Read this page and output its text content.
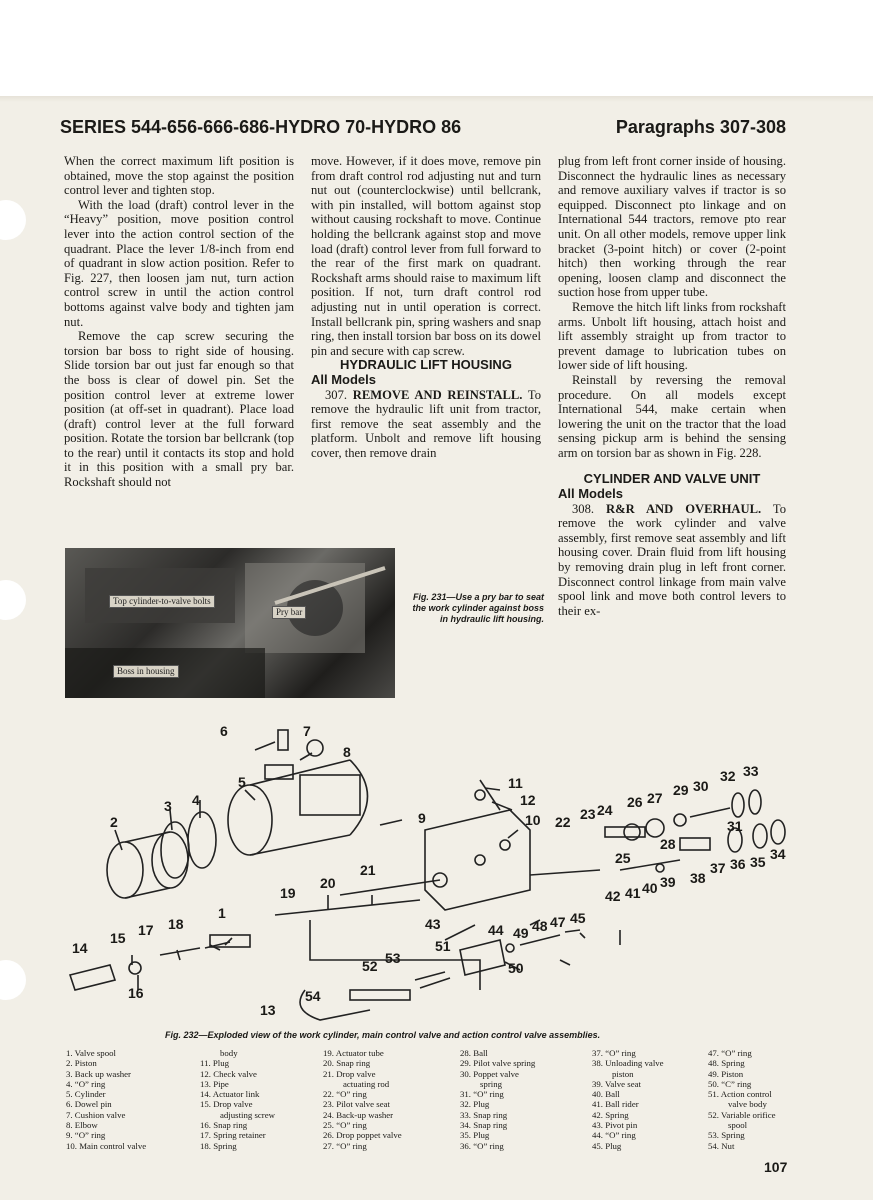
SERIES 544-656-666-686-HYDRO 70-HYDRO 86	Paragraphs 307-308

When the correct maximum lift position is obtained, move the stop against the position control lever and tighten stop.

With the load (draft) control lever in the “Heavy” position, move position control lever into the action control section of the quadrant. Place the lever 1/8-inch from end of quadrant in slow action position. Refer to Fig. 227, then loosen jam nut, turn action control screw in until the action control bottoms against valve body and tighten jam nut.

Remove the cap screw securing the torsion bar boss to right side of housing. Slide torsion bar out just far enough so that the boss is clear of dowel pin. Set the position control lever at extreme lower position (at off-set in quadrant). Place load (draft) control lever at the full forward position. Rotate the torsion bar bellcrank (top to the rear) until it contacts its stop and hold it in this position with a small pry bar. Rockshaft should not

move. However, if it does move, remove pin from draft control rod adjusting nut and turn nut out (counterclockwise) until bellcrank, with pin installed, will bottom against stop without causing rockshaft to move. Continue holding the bellcrank against stop and move load (draft) control lever from full forward to the rear of the first mark on quadrant. Rockshaft arms should raise to maximum lift position. If not, turn draft control rod adjusting nut in until operation is correct. Install bellcrank pin, spring washers and snap ring, then install torsion bar boss on its dowel pin and secure with cap screw.

HYDRAULIC LIFT HOUSING

All Models

307. REMOVE AND REINSTALL. To remove the hydraulic lift unit from tractor, first remove the seat assembly and the platform. Unbolt and remove lift housing cover, then remove drain

plug from left front corner inside of housing. Disconnect the hydraulic lines as necessary and remove auxiliary valves if tractor is so equipped. Disconnect pto linkage and on International 544 tractors, remove pto rear unit. On all other models, remove upper link bracket (3-point hitch) or cover (2-point hitch) then working through the rear opening, loosen clamp and disconnect the suction hose from upper tube.

Remove the hitch lift links from rockshaft arms. Unbolt lift housing, attach hoist and lift assembly straight up from tractor to prevent damage to lubrication tubes on lower side of lift housing.

Reinstall by reversing the removal procedure. On all models except International 544, make certain when lowering the unit on the tractor that the load sensing pickup arm is behind the sensing arm on torsion bar as shown in Fig. 228.

CYLINDER AND VALVE UNIT

All Models

308. R&R AND OVERHAUL. To remove the work cylinder and valve assembly, first remove seat assembly and lift housing cover. Drain fluid from lift housing by removing drain plug in left front corner. Disconnect control linkage from main valve spool link and move both control levers to their ex-

Top cylinder-to-valve bolts
Pry bar
Boss in housing
Fig. 231—Use a pry bar to seat the work cylinder against boss in hydraulic lift housing.
6	7
8
5
3 4
2	9
11
12
10 22 23 24 26 27 29 30
32 33
31
28
25	34
35
36
37
38
39
40
41
42
21
20
19
1
18
17
15
14
16
13
54
52 53
43
51
44 49 48 47 45
50
Fig. 232—Exploded view of the work cylinder, main control valve and action control valve assemblies.
1. Valve spool
2. Piston
3. Back up washer
4. “O” ring
5. Cylinder
6. Dowel pin
7. Cushion valve
8. Elbow
9. “O” ring
10. Main control valve
body
11. Plug
12. Check valve
13. Pipe
14. Actuator link
15. Drop valve
adjusting screw
16. Snap ring
17. Spring retainer
18. Spring
19. Actuator tube
20. Snap ring
21. Drop valve
actuating rod
22. “O” ring
23. Pilot valve seat
24. Back-up washer
25. “O” ring
26. Drop poppet valve
27. “O” ring
28. Ball
29. Pilot valve spring
30. Poppet valve
spring
31. “O” ring
32. Plug
33. Snap ring
34. Snap ring
35. Plug
36. “O” ring
37. “O” ring
38. Unloading valve
piston
39. Valve seat
40. Ball
41. Ball rider
42. Spring
43. Pivot pin
44. “O” ring
45. Plug
47. “O” ring
48. Spring
49. Piston
50. “C” ring
51. Action control
valve body
52. Variable orifice
spool
53. Spring
54. Nut
107
